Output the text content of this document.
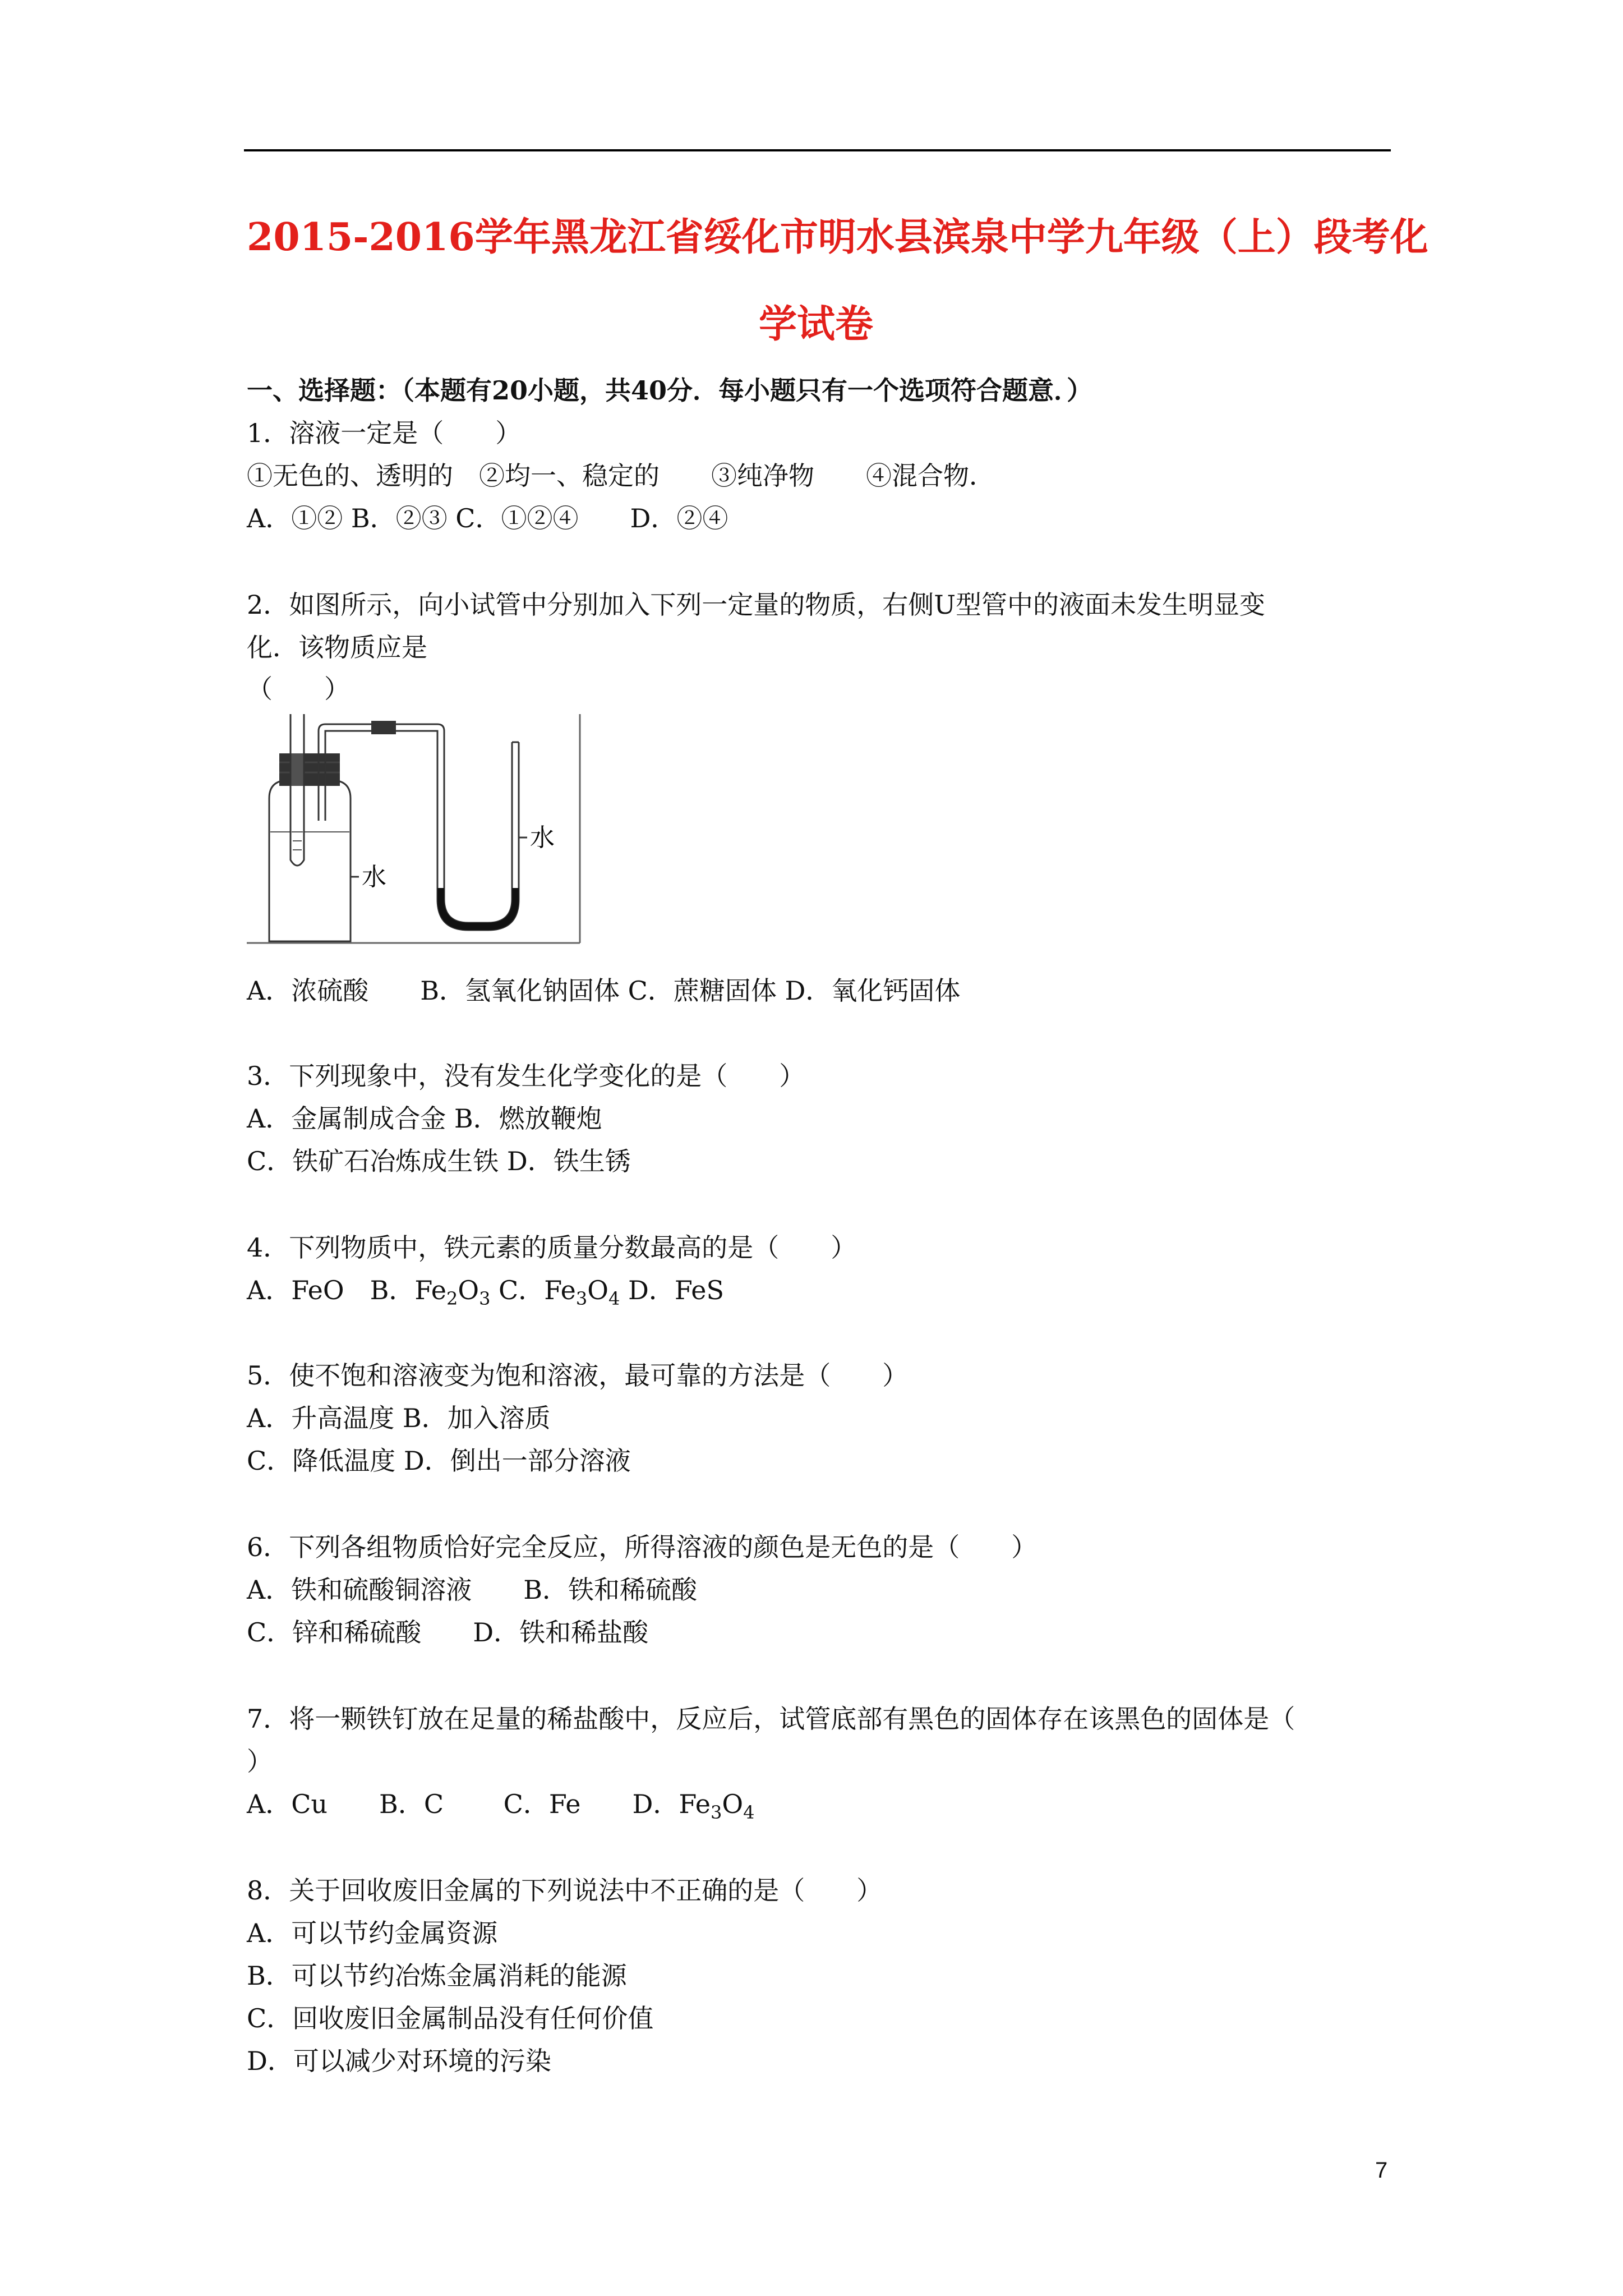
2015-2016学年黑龙江省绥化市明水县滨泉中学九年级（上）段考化
学试卷
一、选择题：（本题有20小题，共40分．每小题只有一个选项符合题意．）
1．溶液一定是（　　）
①无色的、透明的　②均一、稳定的　　③纯净物　　④混合物．
A．①② B．②③ C．①②④　　D．②④
2．如图所示，向小试管中分别加入下列一定量的物质，右侧U型管中的液面未发生明显变
化．该物质应是
（　　）
水
水
A．浓硫酸　　B．氢氧化钠固体 C．蔗糖固体 D．氧化钙固体
3．下列现象中，没有发生化学变化的是（　　）
A．金属制成合金 B．燃放鞭炮
C．铁矿石冶炼成生铁 D．铁生锈
4．下列物质中，铁元素的质量分数最高的是（　　）
A．FeO　B．$Fe_2O_3$ C．$Fe_3O_4$ D．FeS
5．使不饱和溶液变为饱和溶液，最可靠的方法是（　　）
A．升高温度 B．加入溶质
C．降低温度 D．倒出一部分溶液
6．下列各组物质恰好完全反应，所得溶液的颜色是无色的是（　　）
A．铁和硫酸铜溶液　　B．铁和稀硫酸
C．锌和稀硫酸　　D．铁和稀盐酸
7．将一颗铁钉放在足量的稀盐酸中，反应后，试管底部有黑色的固体存在该黑色的固体是（
）
A．Cu　　B．C　　 C．Fe　　D．$Fe_3O_4$
8．关于回收废旧金属的下列说法中不正确的是（　　）
A．可以节约金属资源
B．可以节约冶炼金属消耗的能源
C．回收废旧金属制品没有任何价值
D．可以减少对环境的污染
7
